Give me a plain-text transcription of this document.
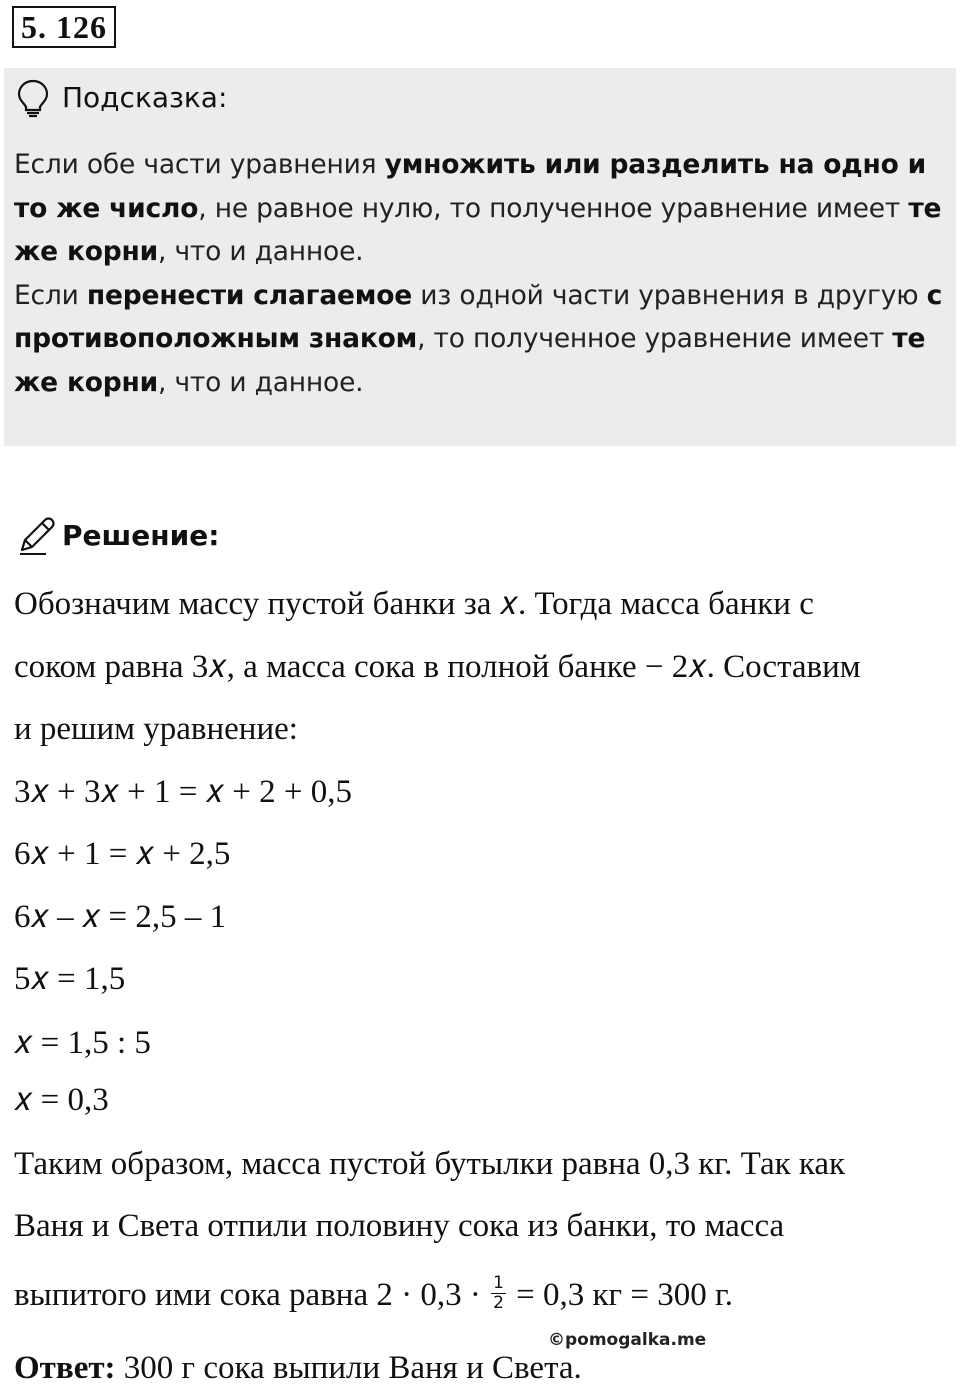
5. 126
Подсказка:
Если обе части уравнения умножить или разделить на одно и то же число, не равное нулю, то полученное уравнение имеет те же корни, что и данное.
Если перенести слагаемое из одной части уравнения в другую с противоположным знаком, то полученное уравнение имеет те же корни, что и данное.
Решение:
Обозначим массу пустой банки за 𝑥. Тогда масса банки с
соком равна 3𝑥, а масса сока в полной банке − 2𝑥. Составим
и решим уравнение:
3𝑥 + 3𝑥 + 1 = 𝑥 + 2 + 0,5
6𝑥 + 1 = 𝑥 + 2,5
6𝑥 – 𝑥 = 2,5 – 1
5𝑥 = 1,5
𝑥 = 1,5 : 5
𝑥 = 0,3
Таким образом, масса пустой бутылки равна 0,3 кг. Так как
Ваня и Света отпили половину сока из банки, то масса
выпитого ими сока равна $2 \cdot 0,3 \cdot \frac{1}{2} = 0,3$ кг = 300 г.
©pomogalka.me
Ответ: 300 г сока выпили Ваня и Света.
